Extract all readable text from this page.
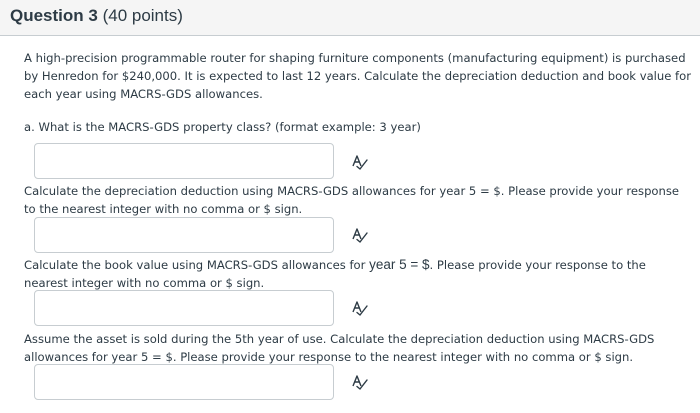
Question 3 (40 points)
A high-precision programmable router for shaping furniture components (manufacturing equipment) is purchased by Henredon for $240,000. It is expected to last 12 years. Calculate the depreciation deduction and book value for each year using MACRS-GDS allowances.
a. What is the MACRS-GDS property class? (format example: 3 year)
Calculate the depreciation deduction using MACRS-GDS allowances for year 5 = $. Please provide your response to the nearest integer with no comma or $ sign.
Calculate the book value using MACRS-GDS allowances for year 5 = $. Please provide your response to the nearest integer with no comma or $ sign.
Assume the asset is sold during the 5th year of use. Calculate the depreciation deduction using MACRS-GDS allowances for year 5 = $. Please provide your response to the nearest integer with no comma or $ sign.
